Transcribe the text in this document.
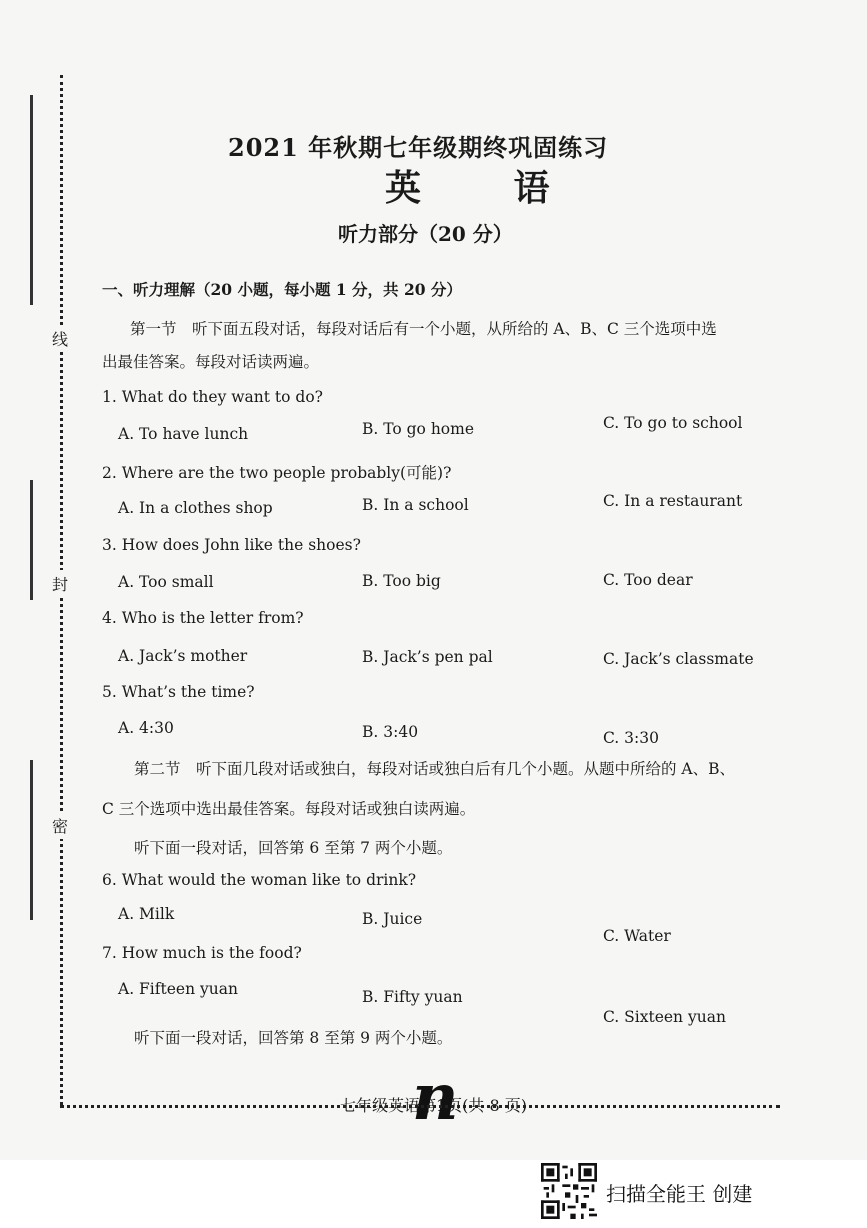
线
封
密
2021 年秋期七年级期终巩固练习
英 语
听力部分（20 分）
一、听力理解（20 小题，每小题 1 分，共 20 分）
第一节　听下面五段对话，每段对话后有一个小题，从所给的 A、B、C 三个选项中选
出最佳答案。每段对话读两遍。
1. What do they want to do?
A. To have lunch	B. To go home	C. To go to school
2. Where are the two people probably(可能)?
A. In a clothes shop	B. In a school	C. In a restaurant
3. How does John like the shoes?
A. Too small	B. Too big	C. Too dear
4. Who is the letter from?
A. Jack’s mother	B. Jack’s pen pal	C. Jack’s classmate
5. What’s the time?
A. 4:30	B. 3:40	C. 3:30
第二节　听下面几段对话或独白，每段对话或独白后有几个小题。从题中所给的 A、B、
C 三个选项中选出最佳答案。每段对话或独白读两遍。
听下面一段对话，回答第 6 至第 7 两个小题。
6. What would the woman like to drink?
A. Milk	B. Juice
C. Water
7. How much is the food?
A. Fifteen yuan	B. Fifty yuan
C. Sixteen yuan
听下面一段对话，回答第 8 至第 9 两个小题。
七年级英语第1页(共 8 页)
n
扫描全能王 创建
